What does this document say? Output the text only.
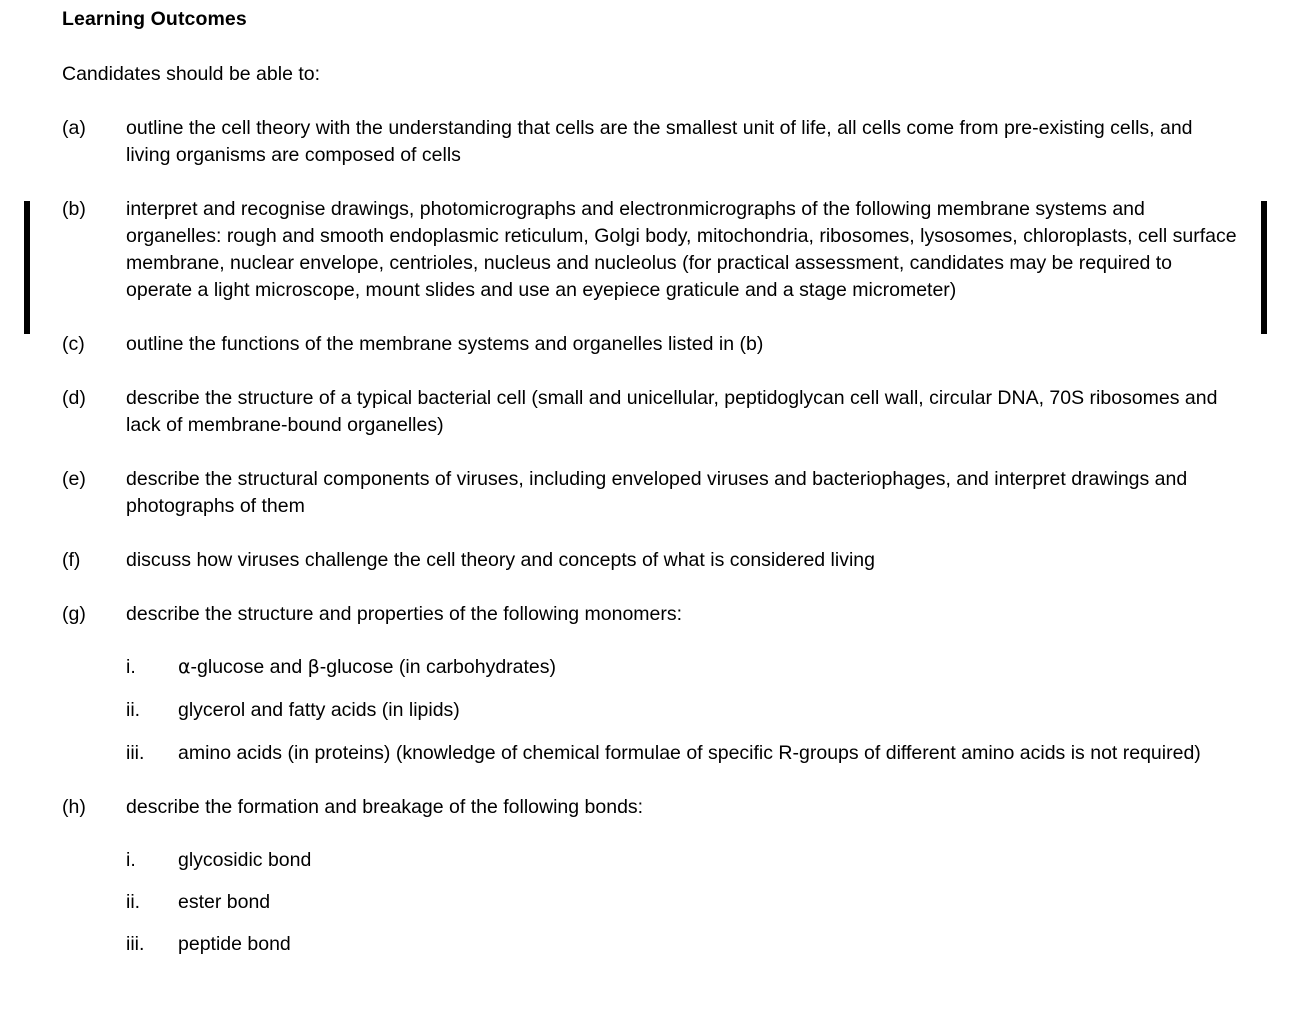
Learning Outcomes
Candidates should be able to:
(a)	outline the cell theory with the understanding that cells are the smallest unit of life, all cells come from pre-existing cells, and living organisms are composed of cells

(b)	interpret and recognise drawings, photomicrographs and electronmicrographs of the following membrane systems and organelles: rough and smooth endoplasmic reticulum, Golgi body, mitochondria, ribosomes, lysosomes, chloroplasts, cell surface membrane, nuclear envelope, centrioles, nucleus and nucleolus (for practical assessment, candidates may be required to operate a light microscope, mount slides and use an eyepiece graticule and a stage micrometer)

(c)	outline the functions of the membrane systems and organelles listed in (b)

(d)	describe the structure of a typical bacterial cell (small and unicellular, peptidoglycan cell wall, circular DNA, 70S ribosomes and lack of membrane-bound organelles)

(e)	describe the structural components of viruses, including enveloped viruses and bacteriophages, and interpret drawings and photographs of them

(f)	discuss how viruses challenge the cell theory and concepts of what is considered living

(g)	describe the structure and properties of the following monomers:

i.	α-glucose and β-glucose (in carbohydrates)
ii.	glycerol and fatty acids (in lipids)
iii.	amino acids (in proteins) (knowledge of chemical formulae of specific R-groups of different amino acids is not required)
(h)	describe the formation and breakage of the following bonds:

i.	glycosidic bond
ii.	ester bond
iii.	peptide bond
